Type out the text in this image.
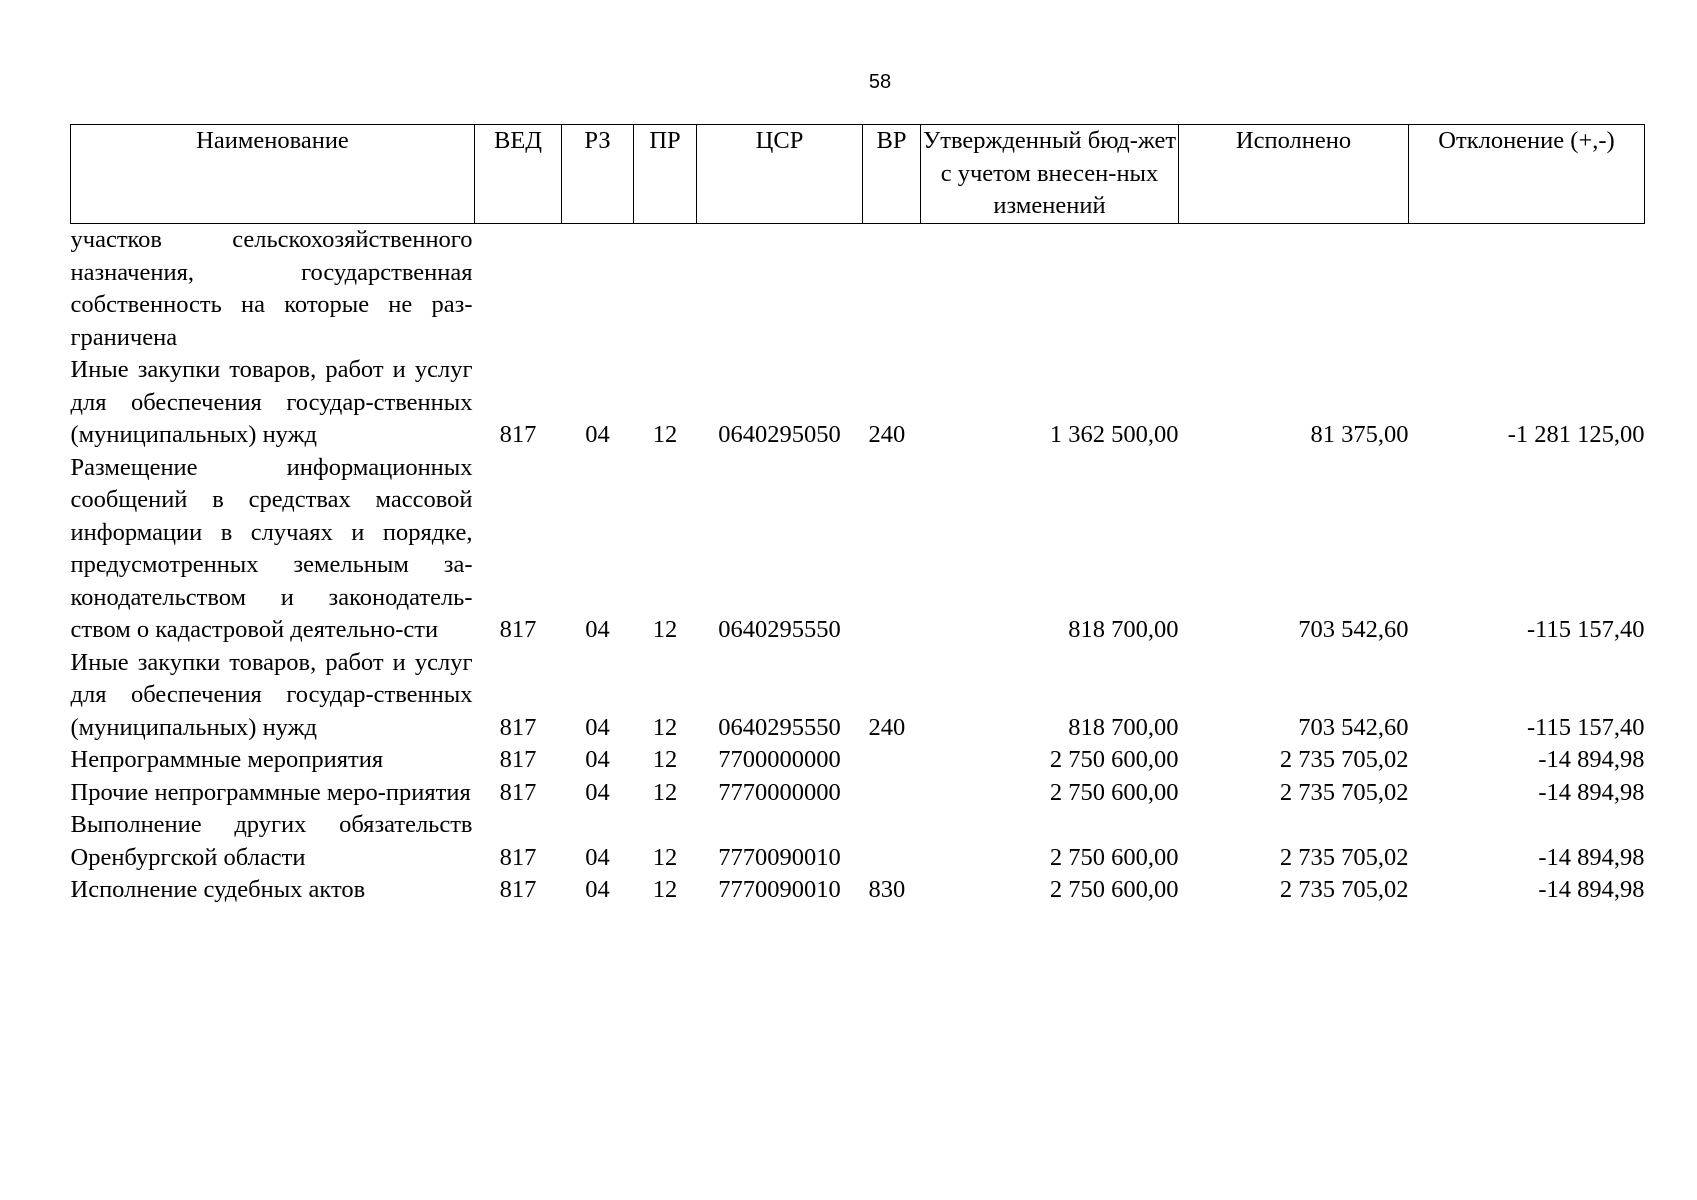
58
Наименование	ВЕД	РЗ	ПР	ЦСР	ВР	Утвержденный бюд-жет с учетом внесен-ных изменений	Исполнено	Отклонение (+,-)
участков сельскохозяйственного назначения, государственная собственность на которые не раз-граничена								
Иные закупки товаров, работ и услуг для обеспечения государ-ственных (муниципальных) нужд	817	04	12	0640295050	240	1 362 500,00	81 375,00	-1 281 125,00
Размещение информационных сообщений в средствах массовой информации в случаях и порядке, предусмотренных земельным за-конодательством и законодатель-ством о кадастровой деятельно-сти	817	04	12	0640295550		818 700,00	703 542,60	-115 157,40
Иные закупки товаров, работ и услуг для обеспечения государ-ственных (муниципальных) нужд	817	04	12	0640295550	240	818 700,00	703 542,60	-115 157,40
Непрограммные мероприятия	817	04	12	7700000000		2 750 600,00	2 735 705,02	-14 894,98
Прочие непрограммные меро-приятия	817	04	12	7770000000		2 750 600,00	2 735 705,02	-14 894,98
Выполнение других обязательств Оренбургской области	817	04	12	7770090010		2 750 600,00	2 735 705,02	-14 894,98
Исполнение судебных актов	817	04	12	7770090010	830	2 750 600,00	2 735 705,02	-14 894,98
